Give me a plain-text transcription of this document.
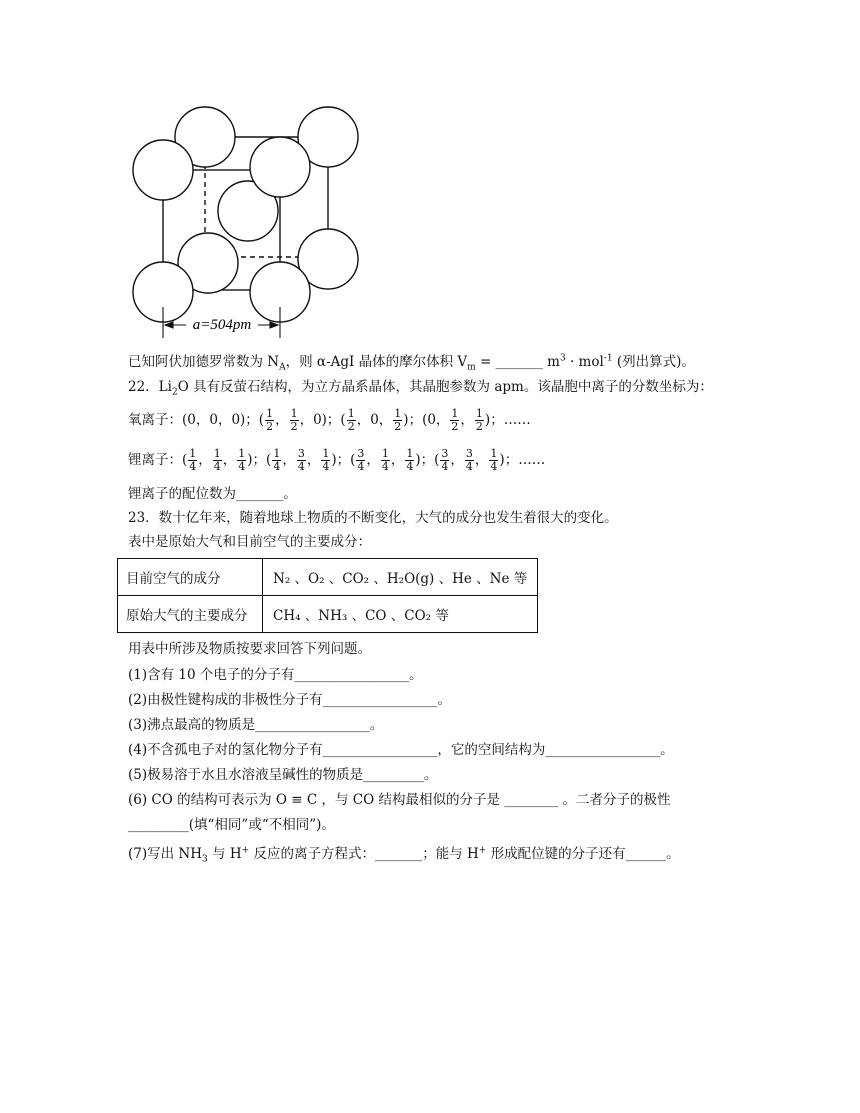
a=504pm
已知阿伏加德罗常数为 $N_A$，则 α-AgI 晶体的摩尔体积 $V_m$ = _______ $m^3 \cdot mol^{-1}$ (列出算式)。
22．$Li_2O$ 具有反萤石结构，为立方晶系晶体，其晶胞参数为 apm。该晶胞中离子的分数坐标为：
氧离子：(0，0，0)；( $\frac{1}{2}$ ， $\frac{1}{2}$ ，0)；( $\frac{1}{2}$ ，0， $\frac{1}{2}$ )；(0， $\frac{1}{2}$ ， $\frac{1}{2}$ )；……
锂离子：( $\frac{1}{4}$ ， $\frac{1}{4}$ ， $\frac{1}{4}$ )；( $\frac{1}{4}$ ， $\frac{3}{4}$ ， $\frac{1}{4}$ )；( $\frac{3}{4}$ ， $\frac{1}{4}$ ， $\frac{1}{4}$ )；( $\frac{3}{4}$ ， $\frac{3}{4}$ ， $\frac{1}{4}$ )；……
锂离子的配位数为_______。
23．数十亿年来，随着地球上物质的不断变化，大气的成分也发生着很大的变化。
表中是原始大气和目前空气的主要成分：
目前空气的成分	N₂ 、O₂ 、CO₂ 、H₂O(g) 、He 、Ne 等
原始大气的主要成分	CH₄ 、NH₃ 、CO 、CO₂ 等
用表中所涉及物质按要求回答下列问题。
(1)含有 10 个电子的分子有_________________。
(2)由极性键构成的非极性分子有_________________。
(3)沸点最高的物质是_________________。
(4)不含孤电子对的氢化物分子有_________________，它的空间结构为_________________。
(5)极易溶于水且水溶液呈碱性的物质是_________。
(6) CO 的结构可表示为 O ≡ C ，与 CO 结构最相似的分子是 ________ 。二者分子的极性
_________(填“相同”或“不相同”)。
(7)写出 $NH_3$ 与 H+ 反应的离子方程式：_______；能与 H+ 形成配位键的分子还有______。
